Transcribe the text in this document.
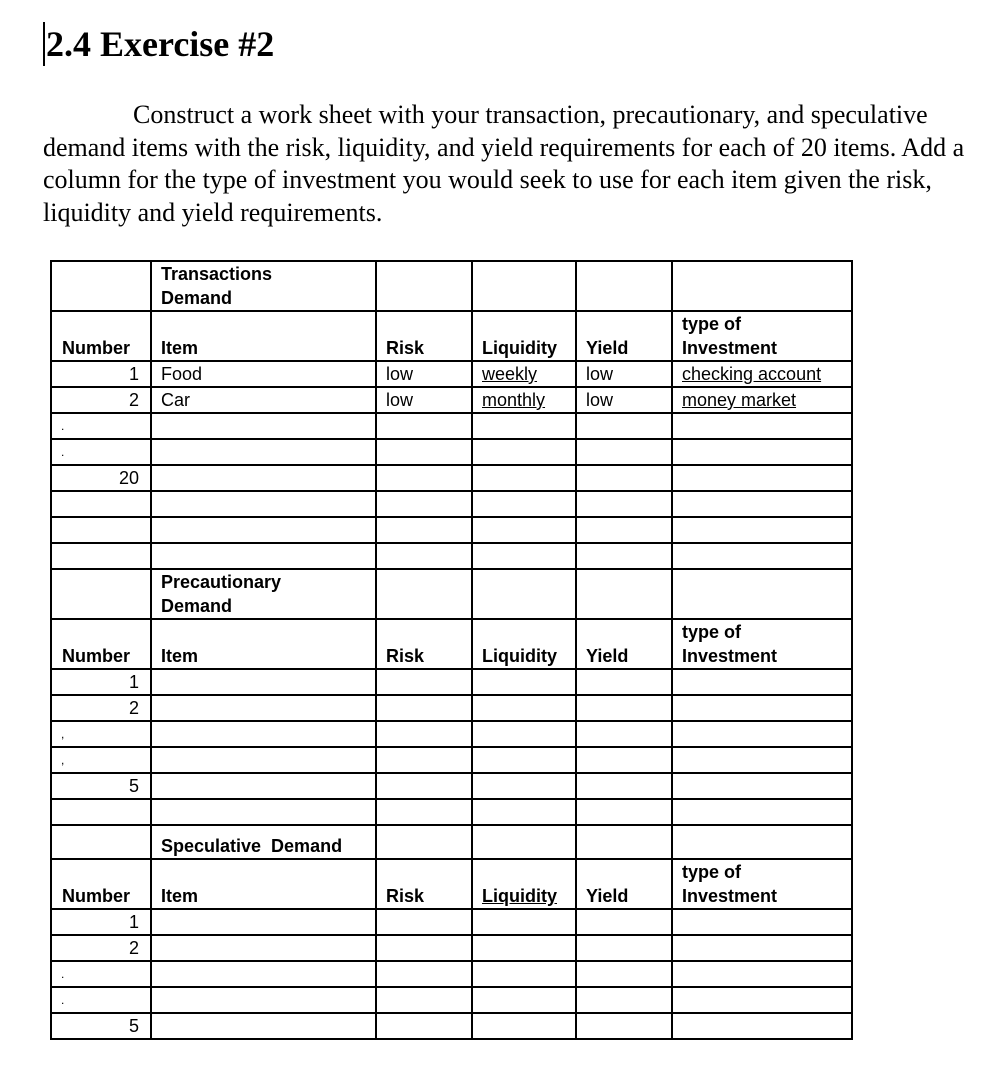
2.4 Exercise #2

Construct a work sheet with your transaction, precautionary, and speculative demand items with the risk, liquidity, and yield requirements for each of 20 items. Add a column for the type of investment you would seek to use for each item given the risk, liquidity and yield requirements.

	Transactions
Demand				

Number	Item	Risk	Liquidity	Yield	type of
Investment

1	Food	low	weekly	low	checking account
2	Car	low	monthly	low	money market
.					
.					
20					

	Precautionary
Demand				

Number	Item	Risk	Liquidity	Yield	type of
Investment

1					
2					
,					
,					
5					

	Speculative  Demand				
Number	Item	Risk	Liquidity	Yield	type of
Investment

1					
2					
.					
.					
5					
